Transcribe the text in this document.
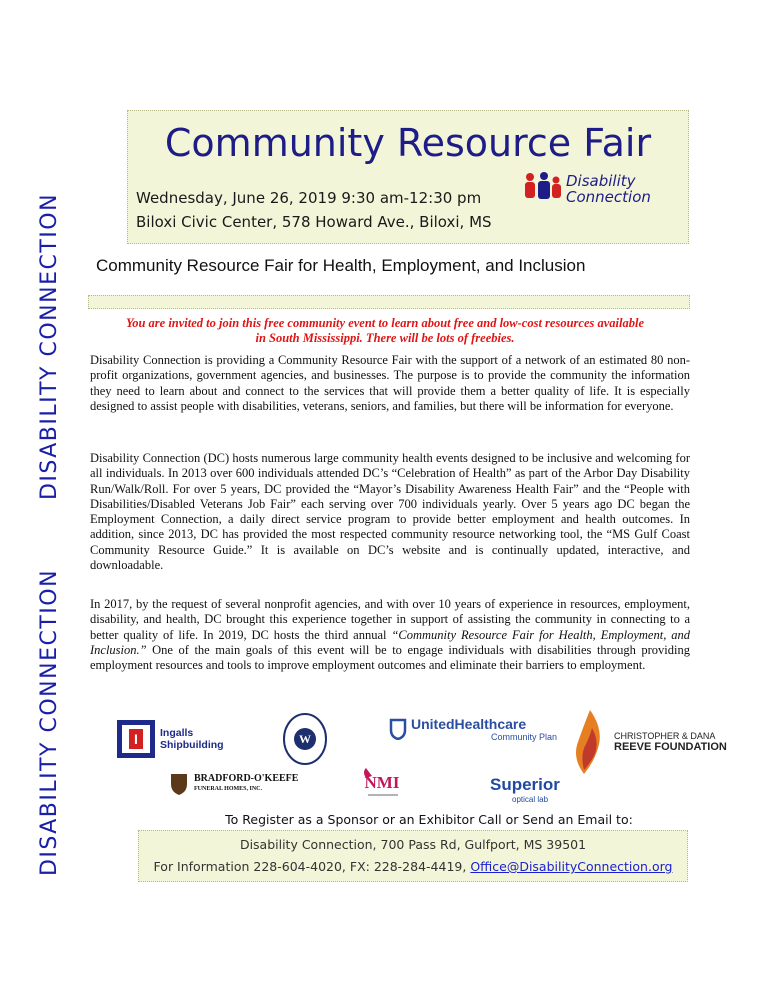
DISABILITY CONNECTION
DISABILITY CONNECTION
Community Resource Fair
Wednesday, June 26, 2019 9:30 am-12:30 pm
Biloxi Civic Center, 578 Howard Ave., Biloxi, MS
Disability
Connection
Community Resource Fair for Health, Employment, and Inclusion
You are invited to join this free community event to learn about free and low-cost resources available in South Mississippi. There will be lots of freebies.

Disability Connection is providing a Community Resource Fair with the support of a network of an estimated 80 non-profit organizations, government agencies, and businesses. The purpose is to provide the community the information they need to learn about and connect to the services that will provide them a better quality of life. It is especially designed to assist people with disabilities, veterans, seniors, and families, but there will be information for everyone.

Disability Connection (DC) hosts numerous large community health events designed to be inclusive and welcoming for all individuals. In 2013 over 600 individuals attended DC’s “Celebration of Health” as part of the Arbor Day Disability Run/Walk/Roll. For over 5 years, DC provided the “Mayor’s Disability Awareness Health Fair” and the “People with Disabilities/Disabled Veterans Job Fair” each serving over 700 individuals yearly. Over 5 years ago DC began the Employment Connection, a daily direct service program to provide better employment and health outcomes. In addition, since 2013, DC has provided the most respected community resource networking tool, the “MS Gulf Coast Community Resource Guide.” It is available on DC’s website and is continually updated, interactive, and downloadable.

In 2017, by the request of several nonprofit agencies, and with over 10 years of experience in resources, employment, disability, and health, DC brought this experience together in support of assisting the community in connecting to a better quality of life. In 2019, DC hosts the third annual “Community Resource Fair for Health, Employment, and Inclusion.” One of the main goals of this event will be to engage individuals with disabilities through providing employment resources and tools to improve employment outcomes and eliminate their barriers to employment.

I	Ingalls
Shipbuilding	W
UnitedHealthcare
Community Plan	CHRISTOPHER & DANA
REEVE FOUNDATION
BRADFORD-O'KEEFE
FUNERAL HOMES, INC.	NMI	Superior
optical lab
To Register as a Sponsor or an Exhibitor Call or Send an Email to:
Disability Connection, 700 Pass Rd, Gulfport, MS 39501
For Information 228-604-4020, FX: 228-284-4419, Office@DisabilityConnection.org
